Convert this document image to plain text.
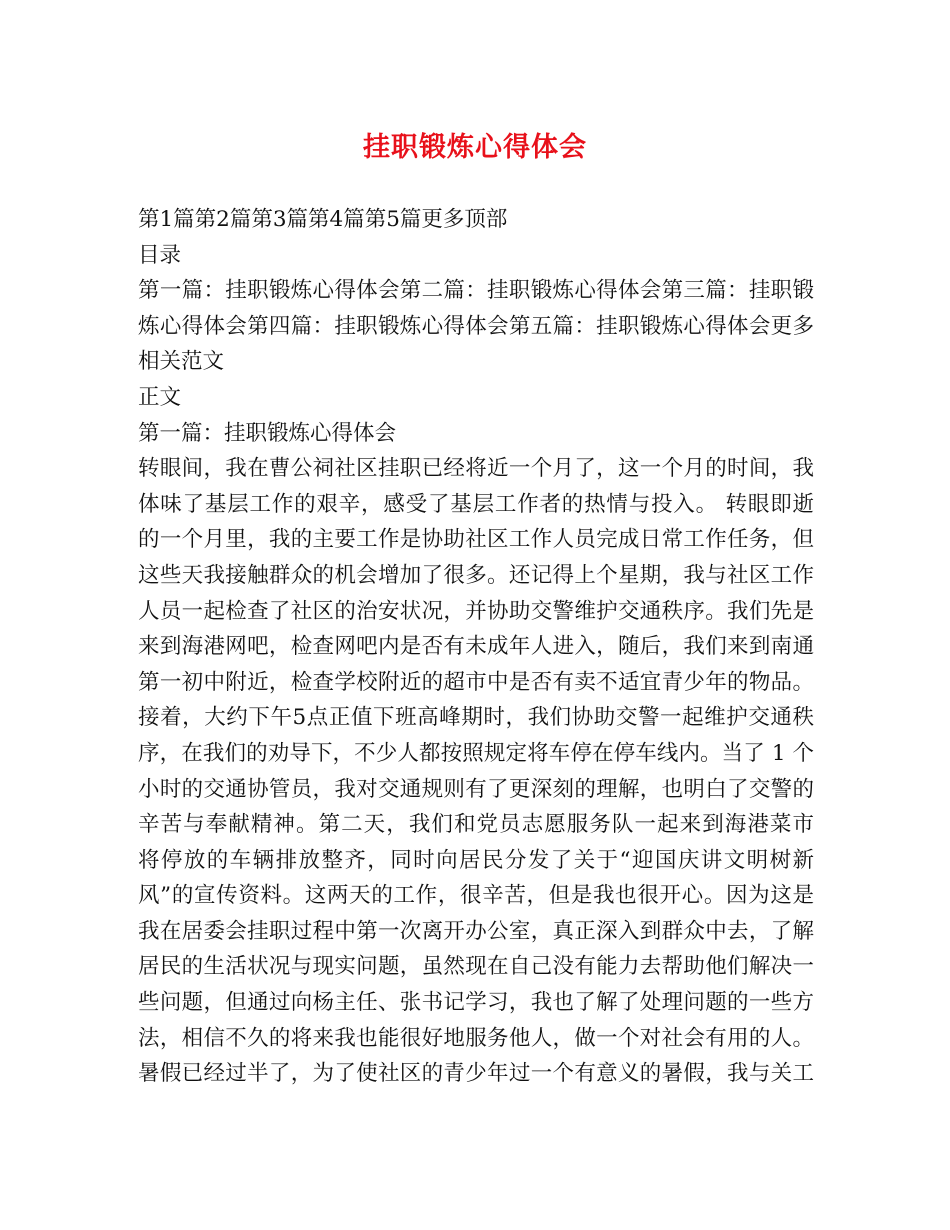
挂职锻炼心得体会
第1篇第2篇第3篇第4篇第5篇更多顶部
目录
第一篇：挂职锻炼心得体会第二篇：挂职锻炼心得体会第三篇：挂职锻
炼心得体会第四篇：挂职锻炼心得体会第五篇：挂职锻炼心得体会更多
相关范文
正文
第一篇：挂职锻炼心得体会
转眼间，我在曹公祠社区挂职已经将近一个月了，这一个月的时间，我
体味了基层工作的艰辛，感受了基层工作者的热情与投入。 转眼即逝
的一个月里，我的主要工作是协助社区工作人员完成日常工作任务，但
这些天我接触群众的机会增加了很多。还记得上个星期，我与社区工作
人员一起检查了社区的治安状况，并协助交警维护交通秩序。我们先是
来到海港网吧，检查网吧内是否有未成年人进入，随后，我们来到南通
第一初中附近，检查学校附近的超市中是否有卖不适宜青少年的物品。
接着，大约下午5点正值下班高峰期时，我们协助交警一起维护交通秩
序，在我们的劝导下，不少人都按照规定将车停在停车线内。当了 1 个
小时的交通协管员，我对交通规则有了更深刻的理解，也明白了交警的
辛苦与奉献精神。第二天，我们和党员志愿服务队一起来到海港菜市
将停放的车辆排放整齐，同时向居民分发了关于“迎国庆讲文明树新
风”的宣传资料。这两天的工作，很辛苦，但是我也很开心。因为这是
我在居委会挂职过程中第一次离开办公室，真正深入到群众中去，了解
居民的生活状况与现实问题，虽然现在自己没有能力去帮助他们解决一
些问题，但通过向杨主任、张书记学习，我也了解了处理问题的一些方
法，相信不久的将来我也能很好地服务他人，做一个对社会有用的人。
暑假已经过半了，为了使社区的青少年过一个有意义的暑假，我与关工
